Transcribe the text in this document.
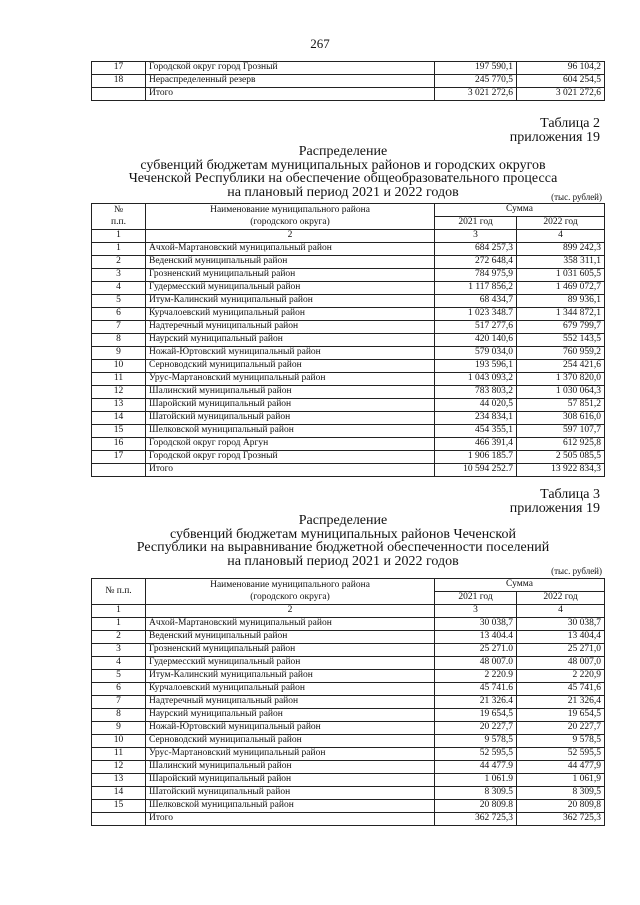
267
17	Городской округ город Грозный	197 590,1	96 104,2
18	Нераспределенный резерв	245 770,5	604 254,5
	Итого	3 021 272,6	3 021 272,6
Таблица 2
приложения 19
Распределение
субвенций бюджетам муниципальных районов и городских округов
Чеченской Республики на обеспечение общеобразовательного процесса
на плановый период 2021 и 2022 годов	(тыс. рублей)
№	Наименование муниципального района	Сумма	
п.п.	(городского округа)	2021 год	2022 год
1	2	3	4
1	Ачхой-Мартановский муниципальный район	684 257,3	899 242,3
2	Веденский муниципальный район	272 648,4	358 311,1
3	Грозненский муниципальный район	784 975,9	1 031 605,5
4	Гудермесский муниципальный район	1 117 856,2	1 469 072,7
5	Итум-Калинский муниципальный район	68 434,7	89 936,1
6	Курчалоевский муниципальный район	1 023 348.7	1 344 872,1
7	Надтеречный муниципальный район	517 277,6	679 799,7
8	Наурский муниципальный район	420 140,6	552 143,5
9	Ножай-Юртовский муниципальный район	579 034,0	760 959,2
10	Серноводский муниципальный район	193 596,1	254 421,6
11	Урус-Мартановский муниципальный район	1 043 093,2	1 370 820,0
12	Шалинский муниципальный район	783 803,2	1 030 064,3
13	Шаройский муниципальный район	44 020,5	57 851,2
14	Шатойский муниципальный район	234 834,1	308 616,0
15	Шелковской муниципальный район	454 355,1	597 107,7
16	Городской округ город Аргун	466 391,4	612 925,8
17	Городской округ город Грозный	1 906 185.7	2 505 085,5
	Итого	10 594 252.7	13 922 834,3
Таблица 3
приложения 19
Распределение
субвенций бюджетам муниципальных районов Чеченской
Республики на выравнивание бюджетной обеспеченности поселений
на плановый период 2021 и 2022 годов
(тыс. рублей)
№ п.п.	Наименование муниципального района	Сумма	
	(городского округа)	2021 год	2022 год
1	2	3	4
1	Ачхой-Мартановский муниципальный район	30 038,7	30 038,7
2	Веденский муниципальный район	13 404.4	13 404,4
3	Грозненский муниципальный район	25 271.0	25 271,0
4	Гудермесский муниципальный район	48 007.0	48 007,0
5	Итум-Калинский муниципальный район	2 220.9	2 220,9
6	Курчалоевский муниципальный район	45 741.6	45 741,6
7	Надтеречный муниципальный район	21 326.4	21 326,4
8	Наурский муниципальный район	19 654,5	19 654,5
9	Ножай-Юртовский муниципальный район	20 227,7	20 227,7
10	Серноводский муниципальный район	9 578,5	9 578,5
11	Урус-Мартановский муниципальный район	52 595,5	52 595,5
12	Шалинский муниципальный район	44 477.9	44 477,9
13	Шаройский муниципальный район	1 061.9	1 061,9
14	Шатойский муниципальный район	8 309.5	8 309,5
15	Шелковской муниципальный район	20 809.8	20 809,8
	Итого	362 725,3	362 725,3
